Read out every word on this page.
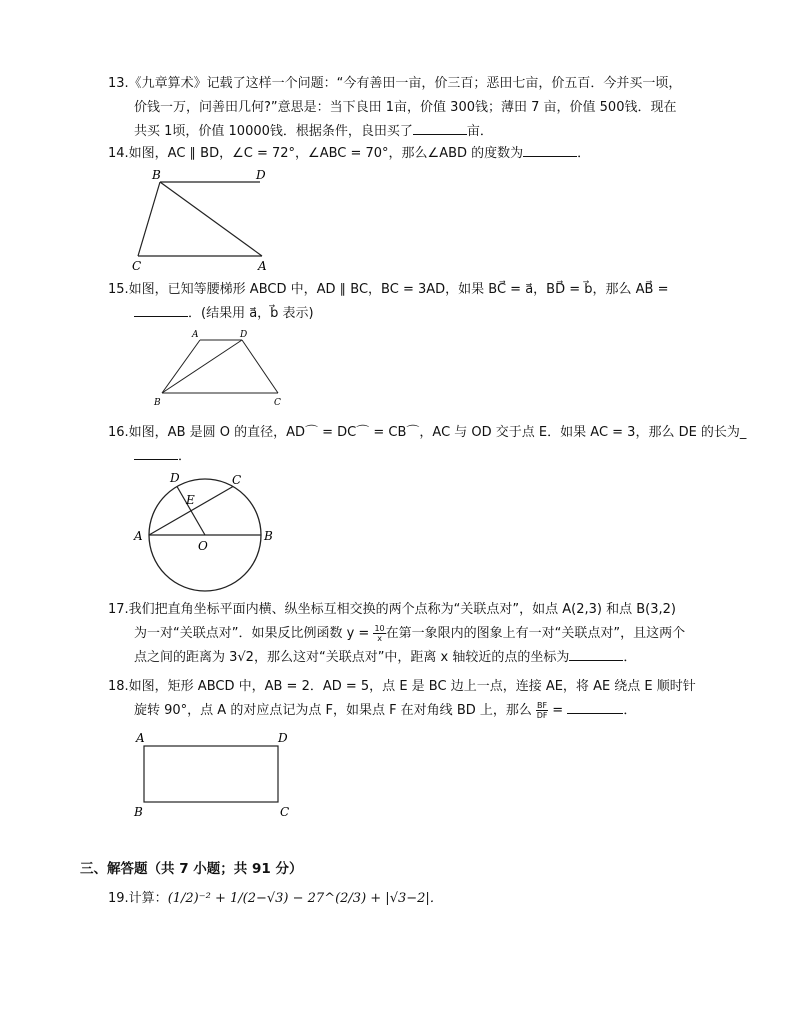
13.《九章算术》记载了这样一个问题：“今有善田一亩，价三百；恶田七亩，价五百．今并买一顷，
价钱一万，问善田几何?”意思是：当下良田 1亩，价值 300钱；薄田 7 亩，价值 500钱．现在
共买 1顷，价值 10000钱．根据条件，良田买了	亩．
14.如图，AC ∥ BD，∠C = 72°，∠ABC = 70°，那么∠ABD 的度数为	．
B	D
C	A
15.如图，已知等腰梯形 ABCD 中，AD ∥ BC，BC = 3AD，如果 BC⃗ = a⃗，BD⃗ = b⃗，那么 AB⃗ =
．(结果用 a⃗，b⃗ 表示)
A	D
B	C
16.如图，AB 是圆 O 的直径，AD⌒ = DC⌒ = CB⌒，AC 与 OD 交于点 E．如果 AC = 3，那么 DE 的长为_
．
D	C
E
A
O
B
17.我们把直角坐标平面内横、纵坐标互相交换的两个点称为“关联点对”，如点 A(2,3) 和点 B(3,2)
为一对“关联点对”．如果反比例函数 $y = \frac{10}{x}$ 在第一象限内的图象上有一对“关联点对”，且这两个
点之间的距离为 3√2，那么这对“关联点对”中，距离 x 轴较近的点的坐标为	．
18.如图，矩形 ABCD 中，AB = 2．AD = 5，点 E 是 BC 边上一点，连接 AE，将 AE 绕点 E 顺时针
旋转 90°，点 A 的对应点记为点 F，如果点 F 在对角线 BD 上，那么 $\frac{BF}{DF}$ =	．
A	D
B	C
三、解答题（共 7 小题；共 91 分）
19.计算：(1/2)⁻² + 1/(2−√3) − 27^(2/3) + |√3−2|．
